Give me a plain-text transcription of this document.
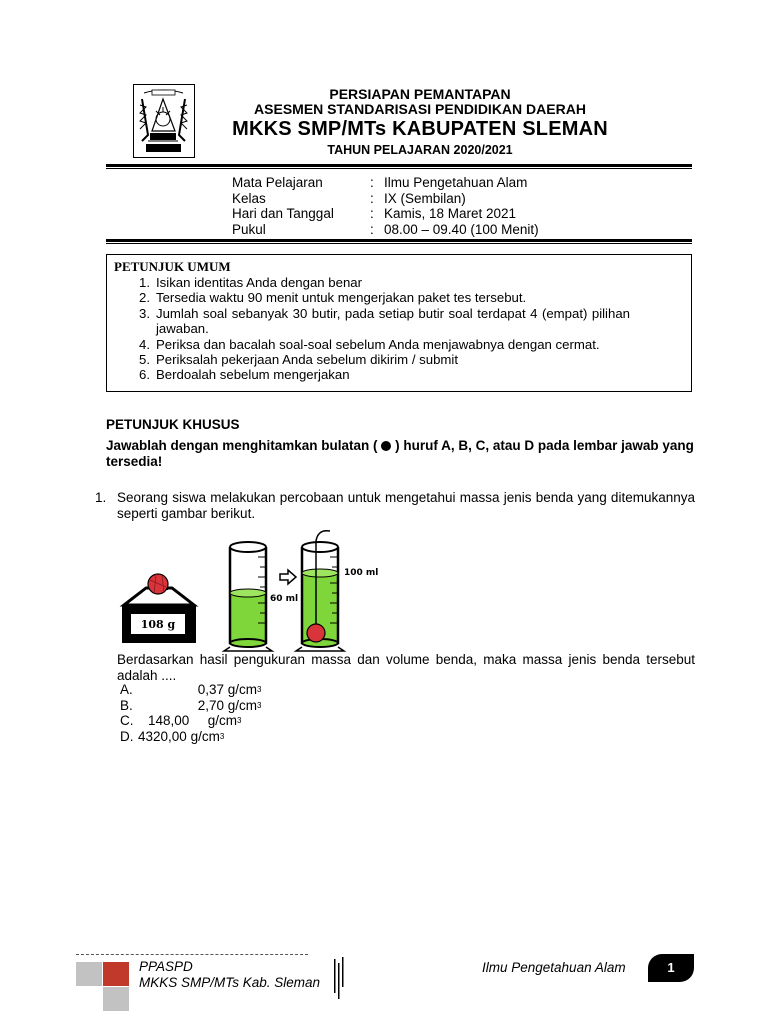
PERSIAPAN PEMANTAPAN
ASESMEN STANDARISASI PENDIDIKAN DAERAH
MKKS SMP/MTs KABUPATEN SLEMAN
TAHUN PELAJARAN 2020/2021
Mata Pelajaran	: Ilmu Pengetahuan Alam
Kelas	: IX (Sembilan)
Hari dan Tanggal	: Kamis, 18 Maret 2021
Pukul	: 08.00 – 09.40 (100 Menit)
PETUNJUK UMUM
1. Isikan identitas Anda dengan benar
2. Tersedia waktu 90 menit untuk mengerjakan paket tes tersebut.
3. Jumlah soal sebanyak 30 butir, pada setiap butir soal terdapat 4 (empat) pilihan jawaban.
4. Periksa dan bacalah soal-soal sebelum Anda menjawabnya dengan cermat.
5. Periksalah pekerjaan Anda sebelum dikirim / submit
6. Berdoalah sebelum mengerjakan
PETUNJUK KHUSUS
Jawablah dengan menghitamkan bulatan ( ) huruf A, B, C, atau D pada lembar jawab yang tersedia!
1. Seorang siswa melakukan percobaan untuk mengetahui massa jenis benda yang ditemukannya seperti gambar berikut.
108 g
60 ml
100 ml
Berdasarkan hasil pengukuran massa dan volume benda, maka massa jenis benda tersebut adalah ....
A.	0,37
g/cm 3
B.	2,70
g/cm 3
C.	148,00
	g/cm 3
D. 4320,00
g/cm 3
PPASPD
MKKS SMP/MTs Kab. Sleman
Ilmu Pengetahuan Alam	1
